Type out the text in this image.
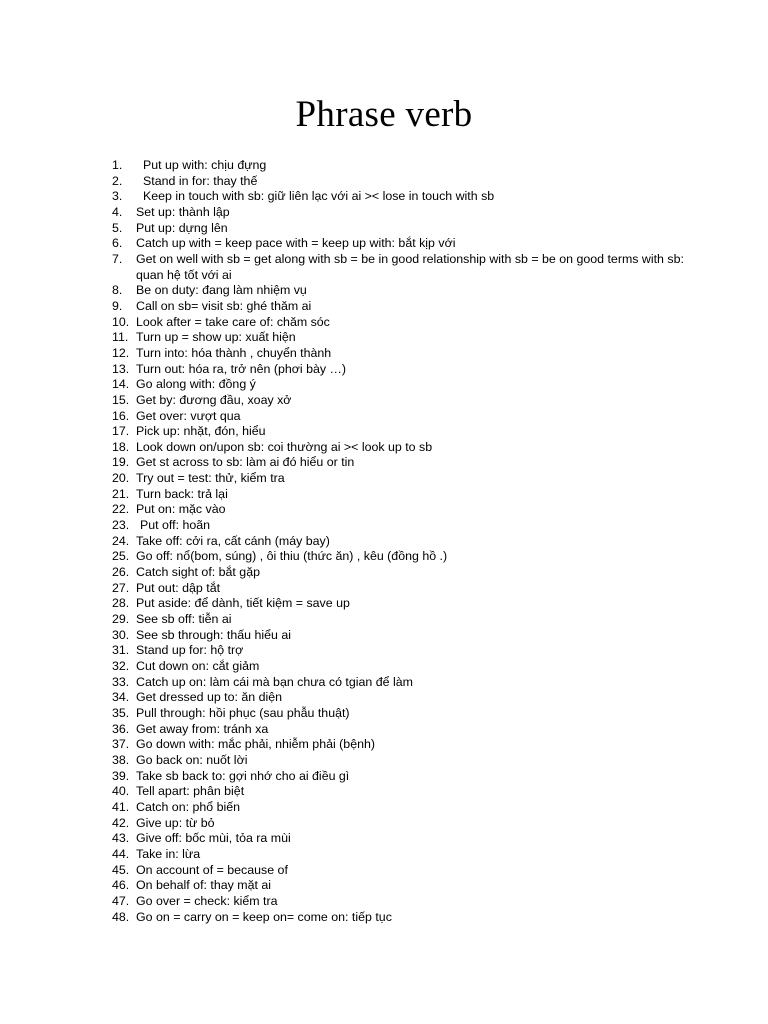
Phrase verb
1.	Put up with: chịu đựng
2.	Stand in for: thay thế
3.	Keep in touch with sb: giữ liên lạc với ai >< lose in touch with sb
4.	Set up: thành lập
5.	Put up: dựng lên
6.	Catch up with = keep pace with = keep up with: bắt kịp với
7.	Get on well with sb = get along with sb = be in good relationship with sb = be on good terms with sb: quan hệ tốt với ai
8.	Be on duty: đang làm nhiệm vụ
9.	Call on sb= visit sb: ghé thăm ai
10. Look after = take care of: chăm sóc
11. Turn up = show up: xuất hiện
12. Turn into: hóa thành , chuyển thành
13. Turn out: hóa ra, trở nên (phơi bày …)
14. Go along with: đồng ý
15. Get by: đương đầu, xoay xở
16. Get over: vượt qua
17. Pick up: nhặt, đón, hiểu
18. Look down on/upon sb: coi thường ai >< look up to sb
19. Get st across to sb: làm ai đó hiểu or tin
20. Try out = test: thử, kiểm tra
21. Turn back: trả lại
22. Put on: mặc vào
23. Put off: hoãn
24. Take off: cởi ra, cất cánh (máy bay)
25. Go off: nổ(bom, súng) , ôi thiu (thức ăn) , kêu (đồng hồ .)
26. Catch sight of: bắt gặp
27. Put out: dập tắt
28. Put aside: để dành, tiết kiệm = save up
29. See sb off: tiễn ai
30. See sb through: thấu hiểu ai
31. Stand up for: hộ trợ
32. Cut down on: cắt giảm
33. Catch up on: làm cái mà bạn chưa có tgian để làm
34. Get dressed up to: ăn diện
35. Pull through: hồi phục (sau phẫu thuật)
36. Get away from: tránh xa
37. Go down with: mắc phải, nhiễm phải (bệnh)
38. Go back on: nuốt lời
39. Take sb back to: gợi nhớ cho ai điều gì
40. Tell apart: phân biệt
41. Catch on: phổ biến
42. Give up: từ bỏ
43. Give off: bốc mùi, tỏa ra mùi
44. Take in: lừa
45. On account of = because of
46. On behalf of: thay mặt ai
47. Go over = check: kiểm tra
48. Go on = carry on = keep on= come on: tiếp tục
